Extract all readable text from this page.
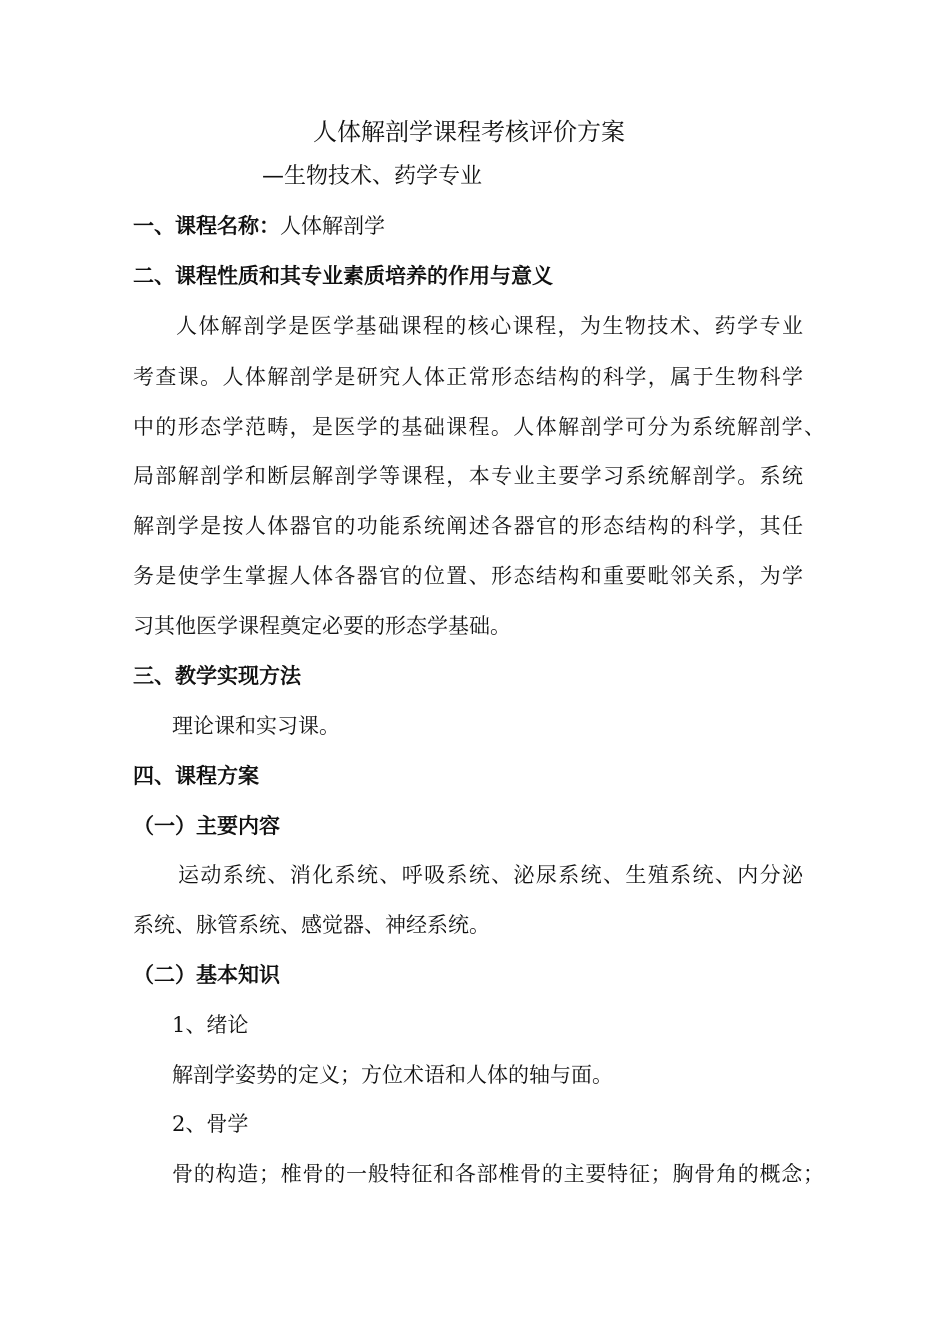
人体解剖学课程考核评价方案
—生物技术、药学专业
一、课程名称：人体解剖学
二、课程性质和其专业素质培养的作用与意义
人体解剖学是医学基础课程的核心课程，为生物技术、药学专业
考查课。人体解剖学是研究人体正常形态结构的科学，属于生物科学
中的形态学范畴，是医学的基础课程。人体解剖学可分为系统解剖学、
局部解剖学和断层解剖学等课程，本专业主要学习系统解剖学。系统
解剖学是按人体器官的功能系统阐述各器官的形态结构的科学，其任
务是使学生掌握人体各器官的位置、形态结构和重要毗邻关系，为学
习其他医学课程奠定必要的形态学基础。
三、教学实现方法
理论课和实习课。
四、课程方案
（一）主要内容
运动系统、消化系统、呼吸系统、泌尿系统、生殖系统、内分泌
系统、脉管系统、感觉器、神经系统。
（二）基本知识
1、绪论
解剖学姿势的定义；方位术语和人体的轴与面。
2、骨学
骨的构造；椎骨的一般特征和各部椎骨的主要特征；胸骨角的概念；
